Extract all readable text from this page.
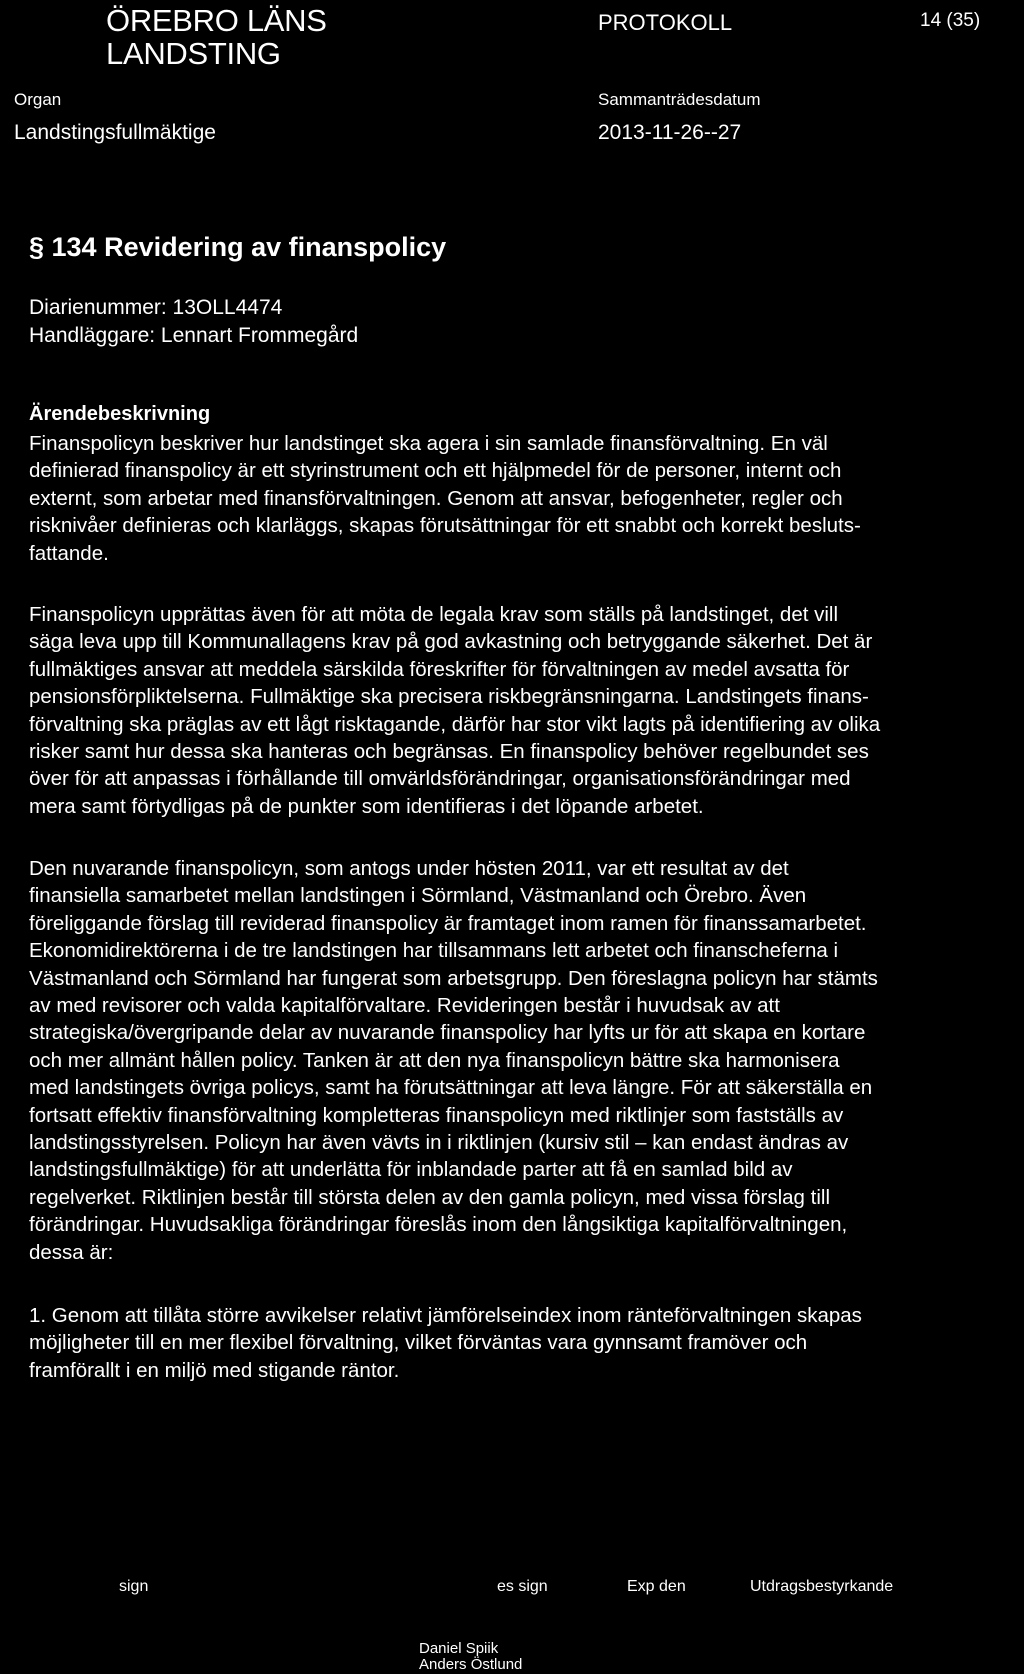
ÖREBRO LÄNS
LANDSTING
PROTOKOLL	14 (35)
Organ
Landstingsfullmäktige
Sammanträdesdatum
2013-11-26--27
§ 134 Revidering av finanspolicy
Diarienummer: 13OLL4474
Handläggare: Lennart Frommegård
Ärendebeskrivning
Finanspolicyn beskriver hur landstinget ska agera i sin samlade finansförvaltning. En väl
definierad finanspolicy är ett styrinstrument och ett hjälpmedel för de personer, internt och
externt, som arbetar med finansförvaltningen. Genom att ansvar, befogenheter, regler och
risknivåer definieras och klarläggs, skapas förutsättningar för ett snabbt och korrekt besluts-
fattande.
Finanspolicyn upprättas även för att möta de legala krav som ställs på landstinget, det vill
säga leva upp till Kommunallagens krav på god avkastning och betryggande säkerhet. Det är
fullmäktiges ansvar att meddela särskilda föreskrifter för förvaltningen av medel avsatta för
pensionsförpliktelserna. Fullmäktige ska precisera riskbegränsningarna. Landstingets finans-
förvaltning ska präglas av ett lågt risktagande, därför har stor vikt lagts på identifiering av olika
risker samt hur dessa ska hanteras och begränsas. En finanspolicy behöver regelbundet ses
över för att anpassas i förhållande till omvärldsförändringar, organisationsförändringar med
mera samt förtydligas på de punkter som identifieras i det löpande arbetet.
Den nuvarande finanspolicyn, som antogs under hösten 2011, var ett resultat av det
finansiella samarbetet mellan landstingen i Sörmland, Västmanland och Örebro. Även
föreliggande förslag till reviderad finanspolicy är framtaget inom ramen för finanssamarbetet.
Ekonomidirektörerna i de tre landstingen har tillsammans lett arbetet och finanscheferna i
Västmanland och Sörmland har fungerat som arbetsgrupp. Den föreslagna policyn har stämts
av med revisorer och valda kapitalförvaltare. Revideringen består i huvudsak av att
strategiska/övergripande delar av nuvarande finanspolicy har lyfts ur för att skapa en kortare
och mer allmänt hållen policy. Tanken är att den nya finanspolicyn bättre ska harmonisera
med landstingets övriga policys, samt ha förutsättningar att leva längre. För att säkerställa en
fortsatt effektiv finansförvaltning kompletteras finanspolicyn med riktlinjer som fastställs av
landstingsstyrelsen. Policyn har även vävts in i riktlinjen (kursiv stil – kan endast ändras av
landstingsfullmäktige) för att underlätta för inblandade parter att få en samlad bild av
regelverket. Riktlinjen består till största delen av den gamla policyn, med vissa förslag till
förändringar. Huvudsakliga förändringar föreslås inom den långsiktiga kapitalförvaltningen,
dessa är:
1. Genom att tillåta större avvikelser relativt jämförelseindex inom ränteförvaltningen skapas
möjligheter till en mer flexibel förvaltning, vilket förväntas vara gynnsamt framöver och
framförallt i en miljö med stigande räntor.
sign	es sign	Exp den	Utdragsbestyrkande
Daniel Spiik
Anders Östlund
